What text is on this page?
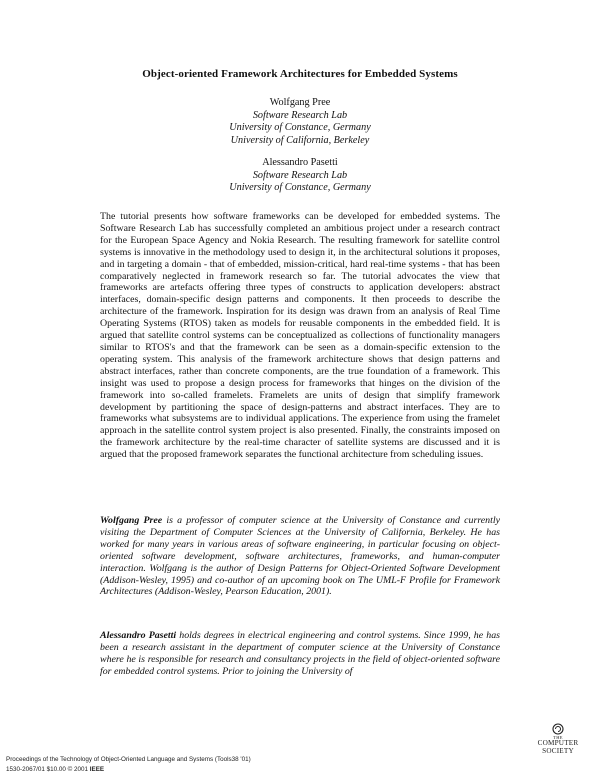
Object-oriented Framework Architectures for Embedded Systems
Wolfgang Pree
Software Research Lab
University of Constance, Germany
University of California, Berkeley
Alessandro Pasetti
Software Research Lab
University of Constance, Germany

The tutorial presents how software frameworks can be developed for embedded systems. The Software Research Lab has successfully completed an ambitious project under a research contract for the European Space Agency and Nokia Research. The resulting framework for satellite control systems is innovative in the methodology used to design it, in the architectural solutions it proposes, and in targeting a domain - that of embedded, mission-critical, hard real-time systems - that has been comparatively neglected in framework research so far. The tutorial advocates the view that frameworks are artefacts offering three types of constructs to application developers: abstract interfaces, domain-specific design patterns and components. It then proceeds to describe the architecture of the framework. Inspiration for its design was drawn from an analysis of Real Time Operating Systems (RTOS) taken as models for reusable components in the embedded field. It is argued that satellite control systems can be conceptualized as collections of functionality managers similar to RTOS's and that the framework can be seen as a domain-specific extension to the operating system. This analysis of the framework architecture shows that design patterns and abstract interfaces, rather than concrete components, are the true foundation of a framework. This insight was used to propose a design process for frameworks that hinges on the division of the framework into so-called framelets. Framelets are units of design that simplify framework development by partitioning the space of design-patterns and abstract interfaces. They are to frameworks what subsystems are to individual applications. The experience from using the framelet approach in the satellite control system project is also presented. Finally, the constraints imposed on the framework architecture by the real-time character of satellite systems are discussed and it is argued that the proposed framework separates the functional architecture from scheduling issues.

Wolfgang Pree is a professor of computer science at the University of Constance and currently visiting the Department of Computer Sciences at the University of California, Berkeley. He has worked for many years in various areas of software engineering, in particular focusing on object-oriented software development, software architectures, frameworks, and human-computer interaction. Wolfgang is the author of Design Patterns for Object-Oriented Software Development (Addison-Wesley, 1995) and co-author of an upcoming book on The UML-F Profile for Framework Architectures (Addison-Wesley, Pearson Education, 2001).

Alessandro Pasetti holds degrees in electrical engineering and control systems. Since 1999, he has been a research assistant in the department of computer science at the University of Constance where he is responsible for research and consultancy projects in the field of object-oriented software for embedded control systems. Prior to joining the University of

Proceedings of the Technology of Object-Oriented Language and Systems (Tools38 '01)
1530-2067/01 $10.00 © 2001 IEEE
THE
COMPUTER
SOCIETY
